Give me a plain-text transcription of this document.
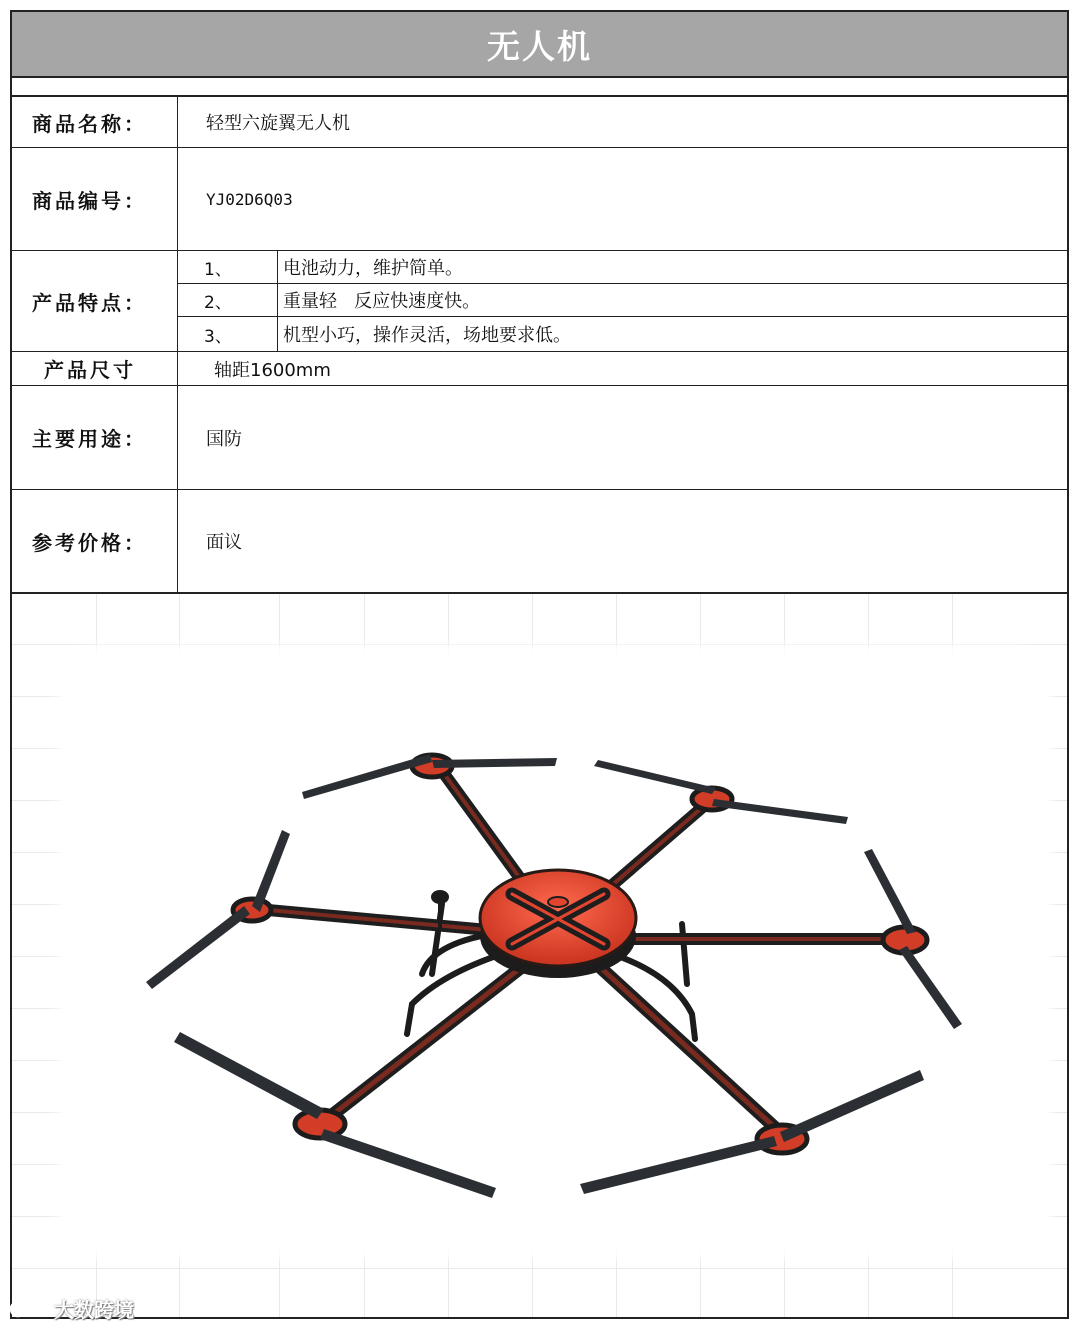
无人机
商品名称：	轻型六旋翼无人机
商品编号：	YJ02D6Q03
产品特点：
1、	电池动力，维护简单。
2、	重量轻   反应快速度快。
3、	机型小巧，操作灵活，场地要求低。
产品尺寸	轴距1600mm
主要用途：	国防
参考价格：	面议
大数跨境
